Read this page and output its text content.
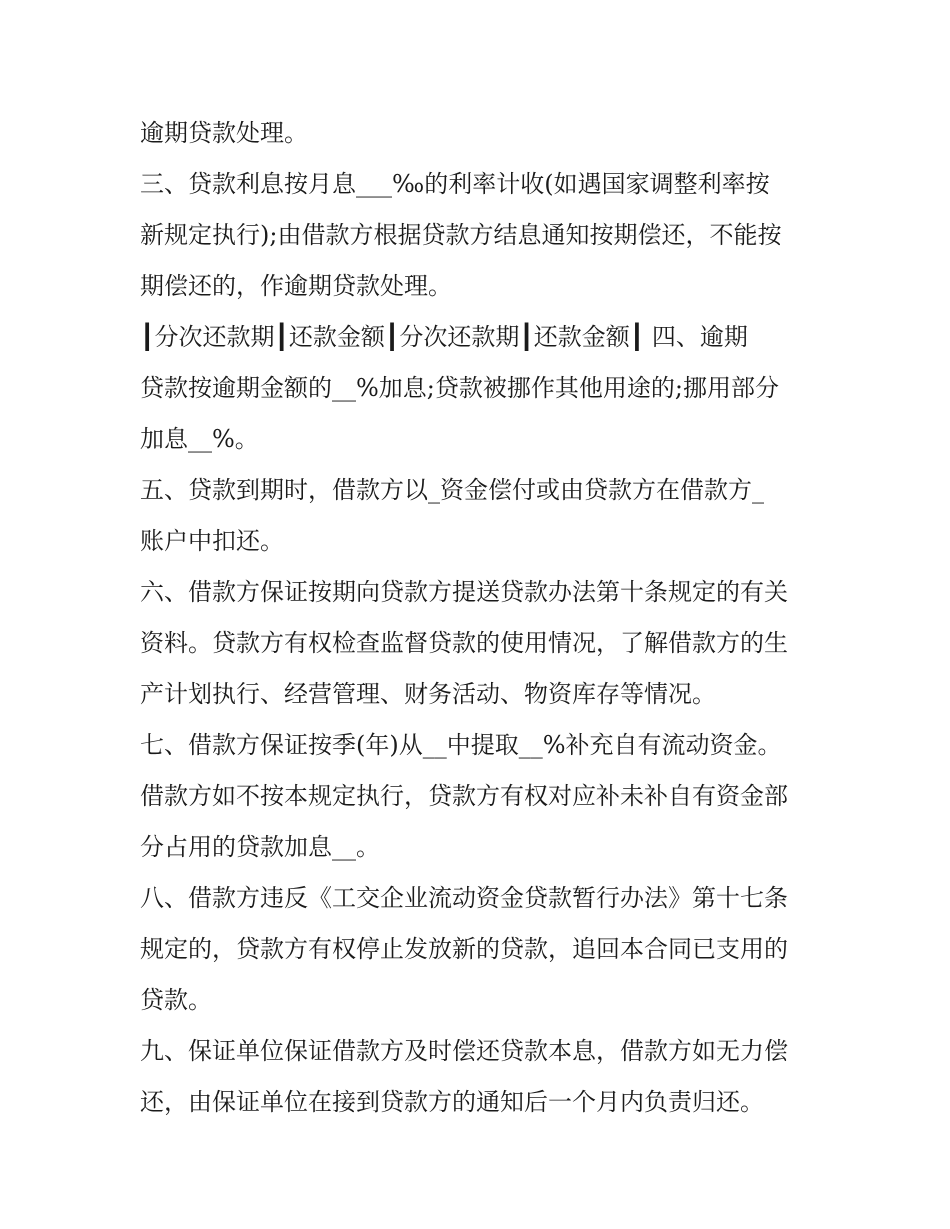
逾期贷款处理。
三、贷款利息按月息___‰的利率计收(如遇国家调整利率按
新规定执行);由借款方根据贷款方结息通知按期偿还，不能按
期偿还的，作逾期贷款处理。
┃分次还款期┃还款金额┃分次还款期┃还款金额┃ 四、逾期
贷款按逾期金额的__%加息;贷款被挪作其他用途的;挪用部分
加息__%。
五、贷款到期时，借款方以_资金偿付或由贷款方在借款方_
账户中扣还。
六、借款方保证按期向贷款方提送贷款办法第十条规定的有关
资料。贷款方有权检查监督贷款的使用情况，了解借款方的生
产计划执行、经营管理、财务活动、物资库存等情况。
七、借款方保证按季(年)从__中提取__%补充自有流动资金。
借款方如不按本规定执行，贷款方有权对应补未补自有资金部
分占用的贷款加息__。
八、借款方违反《工交企业流动资金贷款暂行办法》第十七条
规定的，贷款方有权停止发放新的贷款，追回本合同已支用的
贷款。
九、保证单位保证借款方及时偿还贷款本息，借款方如无力偿
还，由保证单位在接到贷款方的通知后一个月内负责归还。
